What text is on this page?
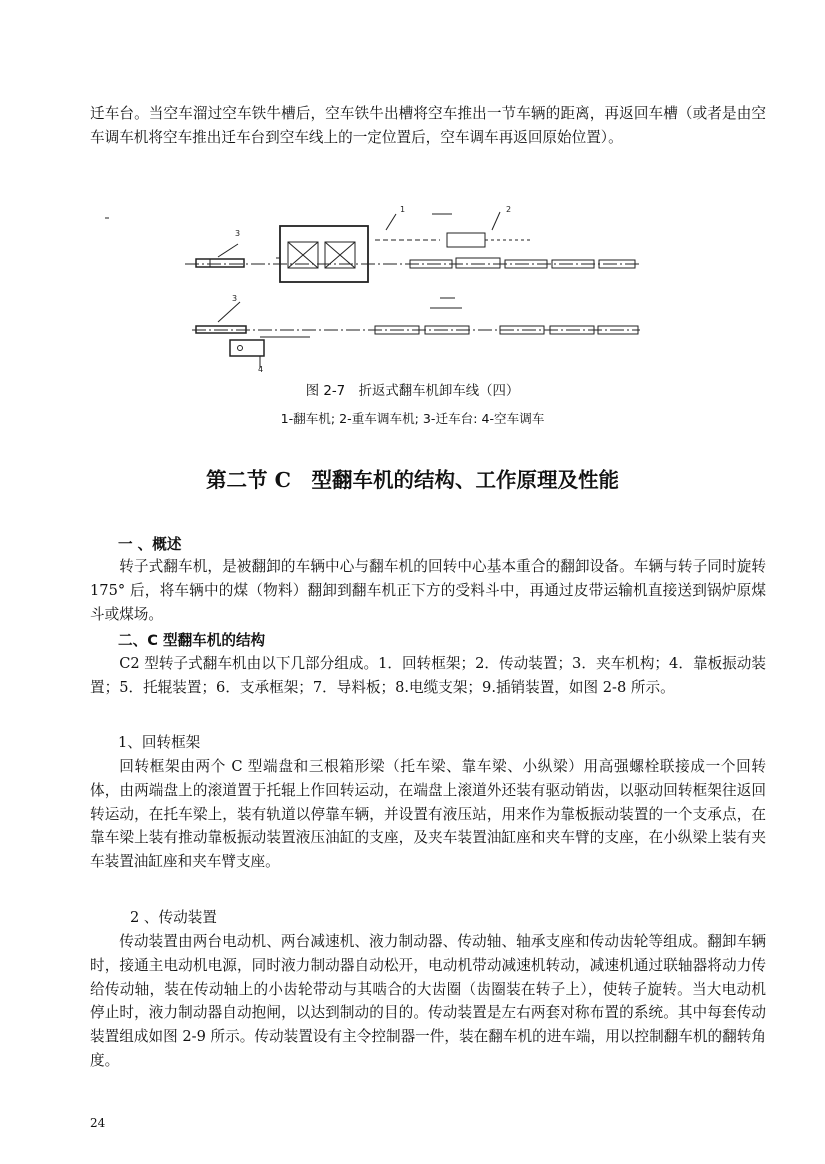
迁车台。当空车溜过空车铁牛槽后，空车铁牛出槽将空车推出一节车辆的距离，再返回车槽（或者是由空车调车机将空车推出迁车台到空车线上的一定位置后，空车调车再返回原始位置）。

3
1	2
3
4

图 2-7　折返式翻车机卸车线（四）

1-翻车机; 2-重车调车机; 3-迁车台: 4-空车调车

第二节 C　型翻车机的结构、工作原理及性能

一 、概述

转子式翻车机，是被翻卸的车辆中心与翻车机的回转中心基本重合的翻卸设备。车辆与转子同时旋转 175° 后，将车辆中的煤（物料）翻卸到翻车机正下方的受料斗中，再通过皮带运输机直接送到锅炉原煤斗或煤场。

二、C 型翻车机的结构

C2 型转子式翻车机由以下几部分组成。1．回转框架；2．传动装置；3．夹车机构；4．靠板振动装置；5．托辊装置；6．支承框架；7．导料板；8.电缆支架；9.插销装置，如图 2-8 所示。

1、回转框架

回转框架由两个 C 型端盘和三根箱形梁（托车梁、靠车梁、小纵梁）用高强螺栓联接成一个回转体，由两端盘上的滚道置于托辊上作回转运动，在端盘上滚道外还装有驱动销齿，以驱动回转框架往返回转运动，在托车梁上，装有轨道以停靠车辆，并设置有液压站，用来作为靠板振动装置的一个支承点，在靠车梁上装有推动靠板振动装置液压油缸的支座，及夹车装置油缸座和夹车臂的支座，在小纵梁上装有夹车装置油缸座和夹车臂支座。

2 、传动装置

传动装置由两台电动机、两台减速机、液力制动器、传动轴、轴承支座和传动齿轮等组成。翻卸车辆时，接通主电动机电源，同时液力制动器自动松开，电动机带动减速机转动，减速机通过联轴器将动力传给传动轴，装在传动轴上的小齿轮带动与其啮合的大齿圈（齿圈装在转子上），使转子旋转。当大电动机停止时，液力制动器自动抱闸，以达到制动的目的。传动装置是左右两套对称布置的系统。其中每套传动装置组成如图 2-9 所示。传动装置设有主令控制器一件，装在翻车机的进车端，用以控制翻车机的翻转角度。

24
